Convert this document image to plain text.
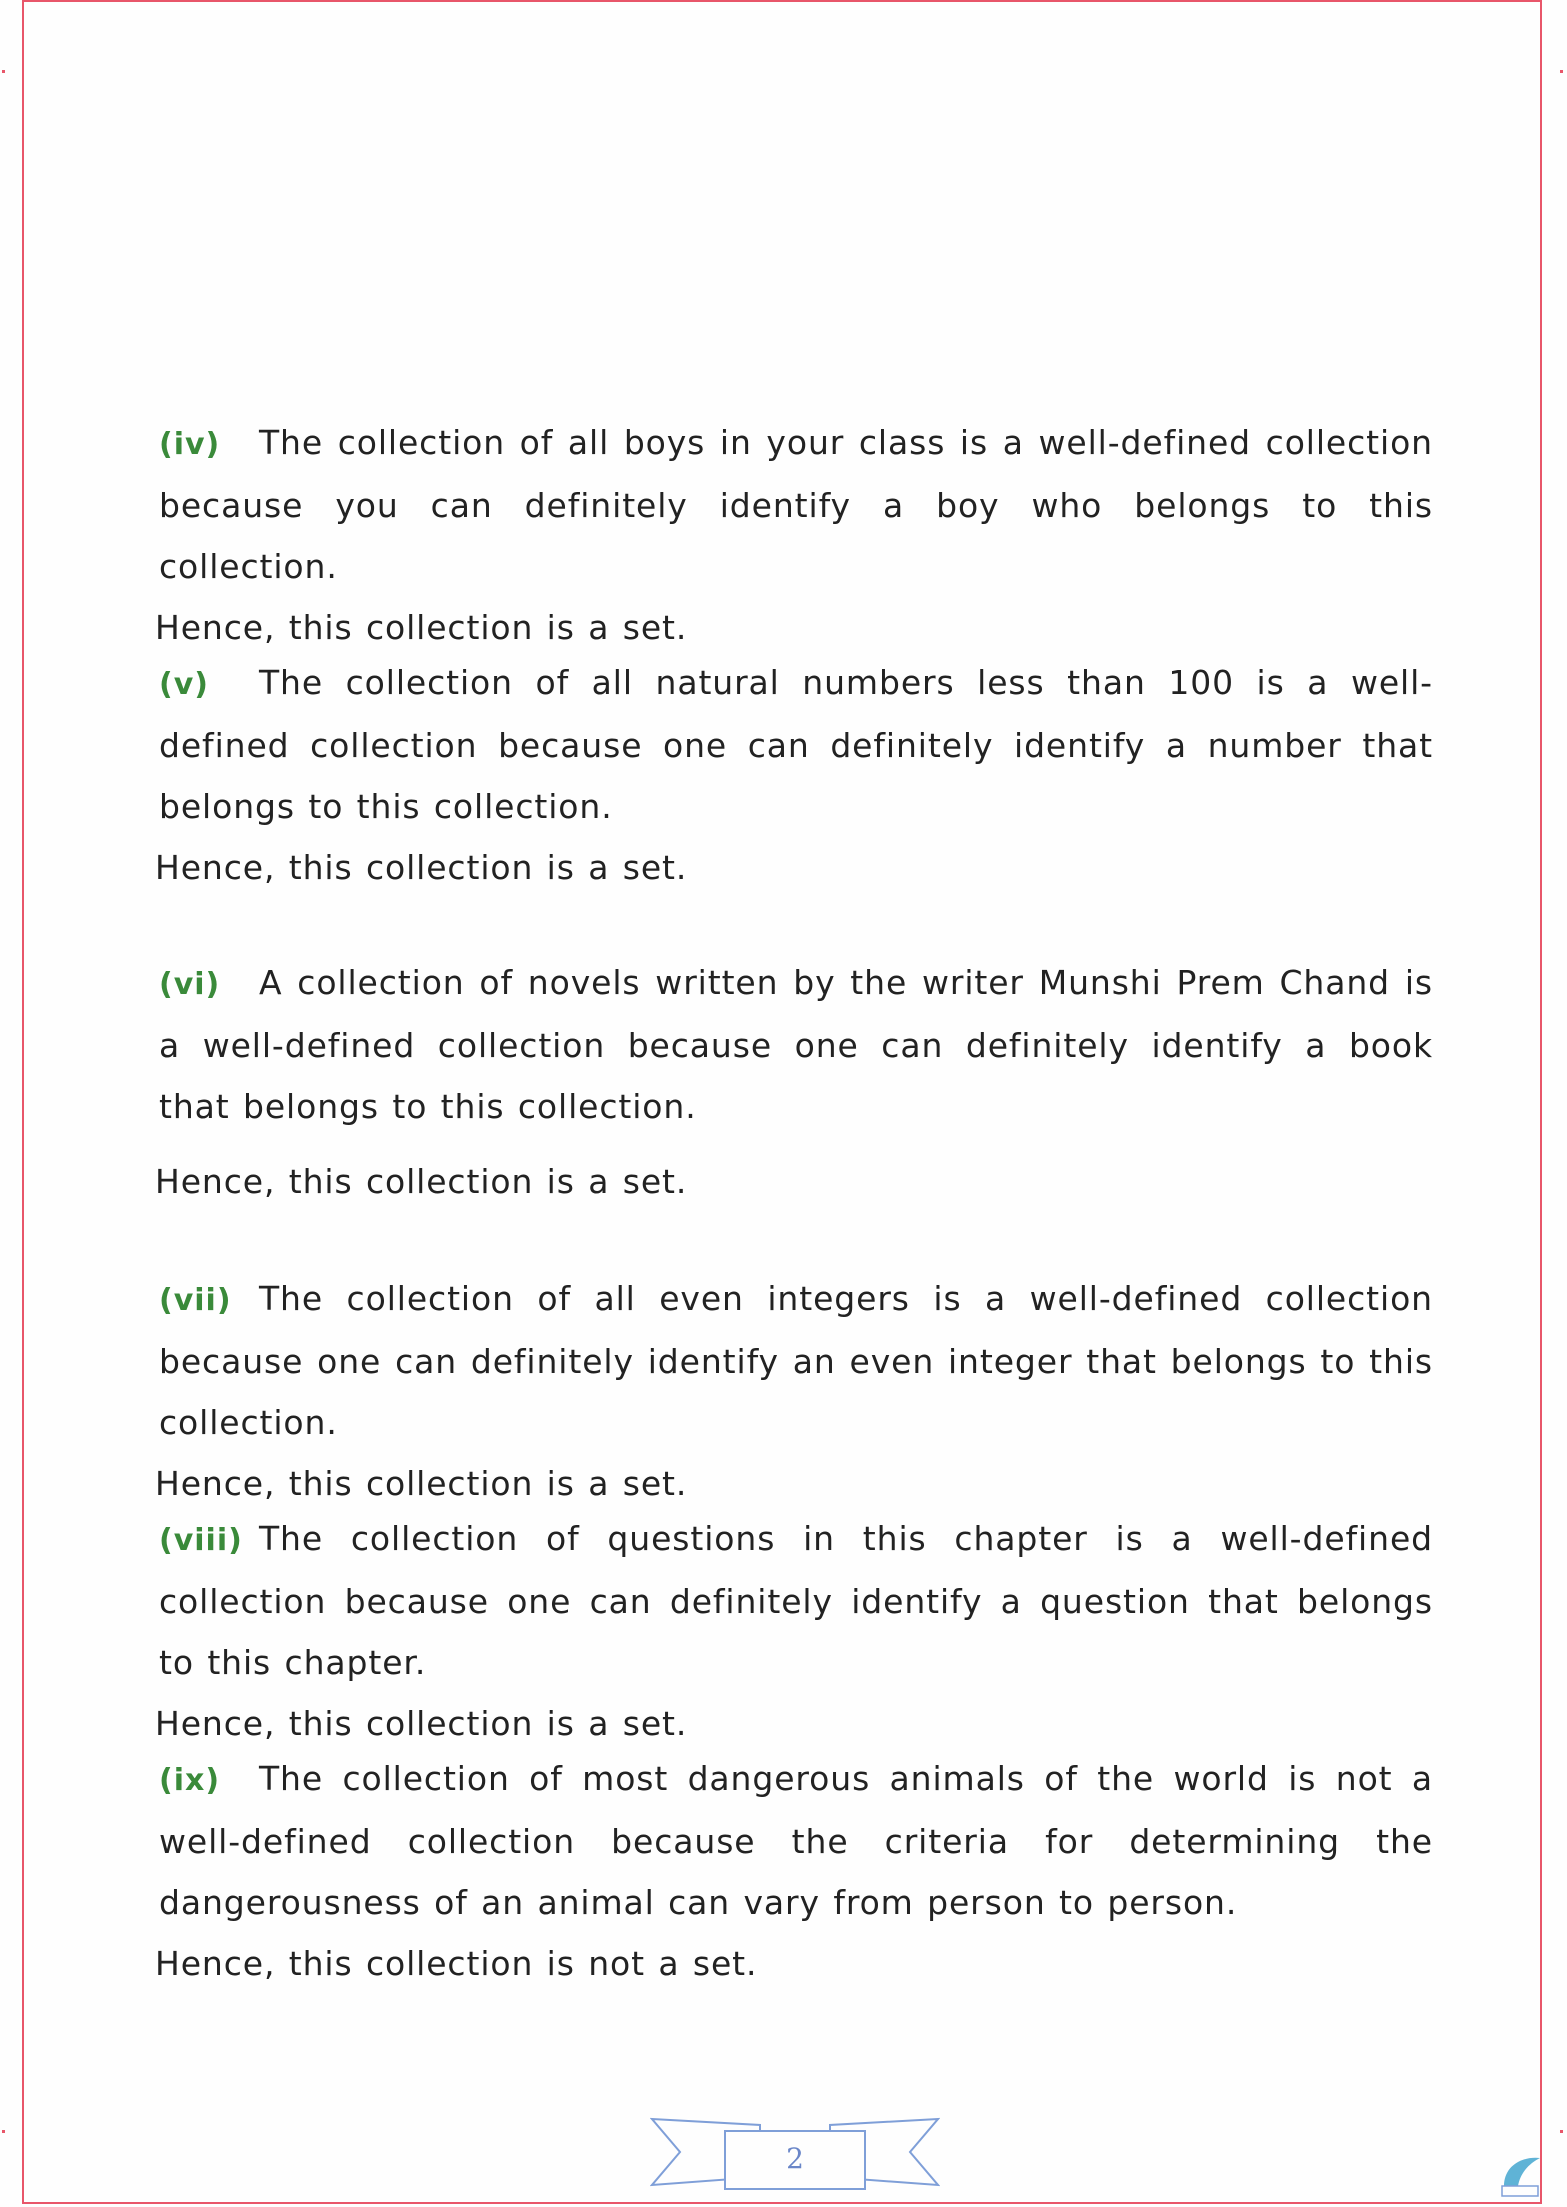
(iv) The collection of all boys in your class is a well-defined collection because you can definitely identify a boy who belongs to this collection.

Hence, this collection is a set.

(v) The collection of all natural numbers less than 100 is a well-defined collection because one can definitely identify a number that belongs to this collection.

Hence, this collection is a set.

(vi) A collection of novels written by the writer Munshi Prem Chand is a well-defined collection because one can definitely identify a book that belongs to this collection.

Hence, this collection is a set.

(vii) The collection of all even integers is a well-defined collection because one can definitely identify an even integer that belongs to this collection.

Hence, this collection is a set.

(viii) The collection of questions in this chapter is a well-defined collection because one can definitely identify a question that belongs to this chapter.

Hence, this collection is a set.

(ix) The collection of most dangerous animals of the world is not a well-defined collection because the criteria for determining the dangerousness of an animal can vary from person to person.

Hence, this collection is not a set.

2
